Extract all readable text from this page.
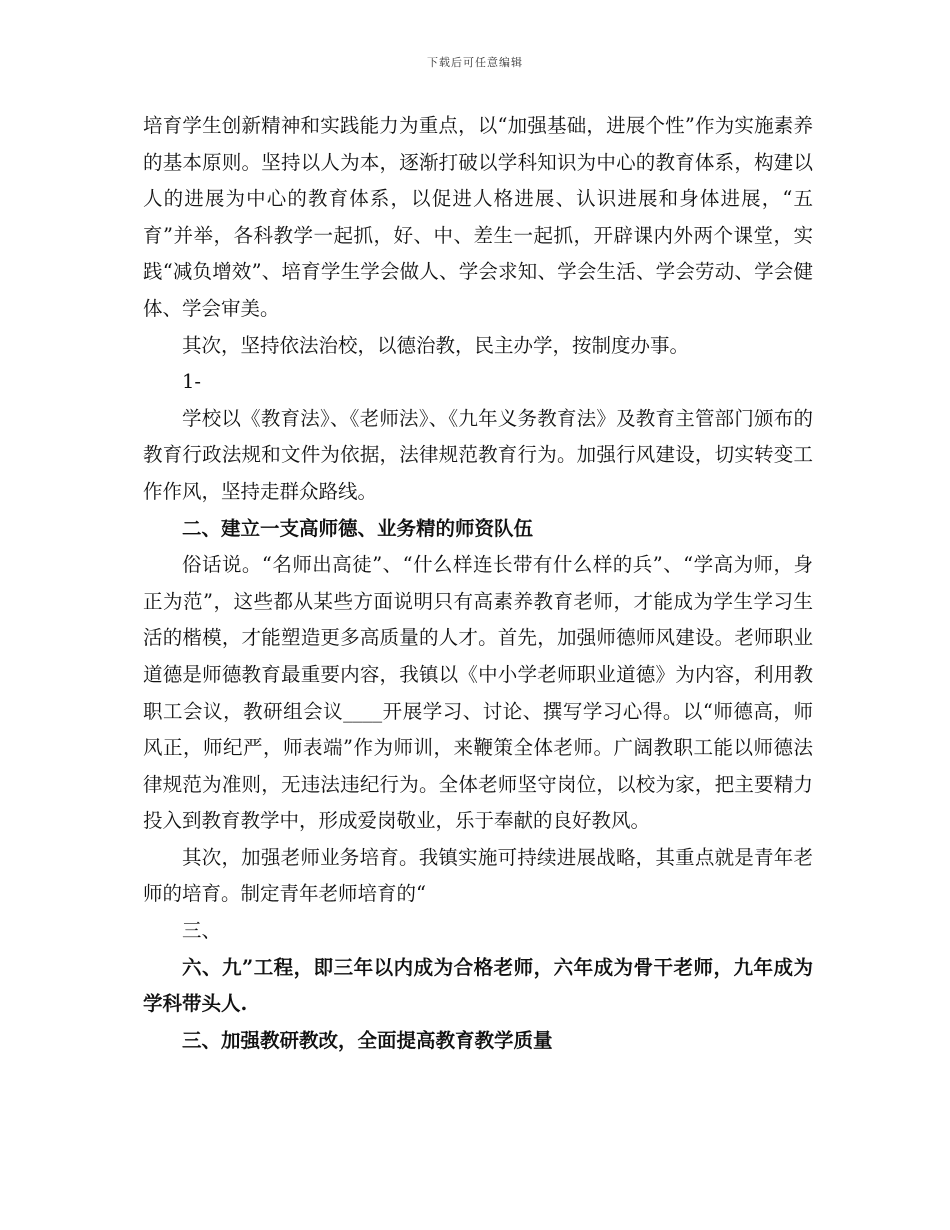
下载后可任意编辑

培育学生创新精神和实践能力为重点，以“加强基础，进展个性”作为实施素养的基本原则。坚持以人为本，逐渐打破以学科知识为中心的教育体系，构建以人的进展为中心的教育体系，以促进人格进展、认识进展和身体进展，“五育”并举，各科教学一起抓，好、中、差生一起抓，开辟课内外两个课堂，实践“减负增效”、培育学生学会做人、学会求知、学会生活、学会劳动、学会健体、学会审美。

其次，坚持依法治校，以德治教，民主办学，按制度办事。

1-

学校以《教育法》、《老师法》、《九年义务教育法》及教育主管部门颁布的教育行政法规和文件为依据，法律规范教育行为。加强行风建设，切实转变工作作风，坚持走群众路线。

二、建立一支高师德、业务精的师资队伍

俗话说。“名师出高徒”、“什么样连长带有什么样的兵”、“学高为师，身正为范”，这些都从某些方面说明只有高素养教育老师，才能成为学生学习生活的楷模，才能塑造更多高质量的人才。首先，加强师德师风建设。老师职业道德是师德教育最重要内容，我镇以《中小学老师职业道德》为内容，利用教职工会议，教研组会议____开展学习、讨论、撰写学习心得。以“师德高，师风正，师纪严，师表端”作为师训，来鞭策全体老师。广阔教职工能以师德法律规范为准则，无违法违纪行为。全体老师坚守岗位，以校为家，把主要精力投入到教育教学中，形成爱岗敬业，乐于奉献的良好教风。

其次，加强老师业务培育。我镇实施可持续进展战略，其重点就是青年老师的培育。制定青年老师培育的“

三、

六、九”工程，即三年以内成为合格老师，六年成为骨干老师，九年成为学科带头人.

三、加强教研教改，全面提高教育教学质量
